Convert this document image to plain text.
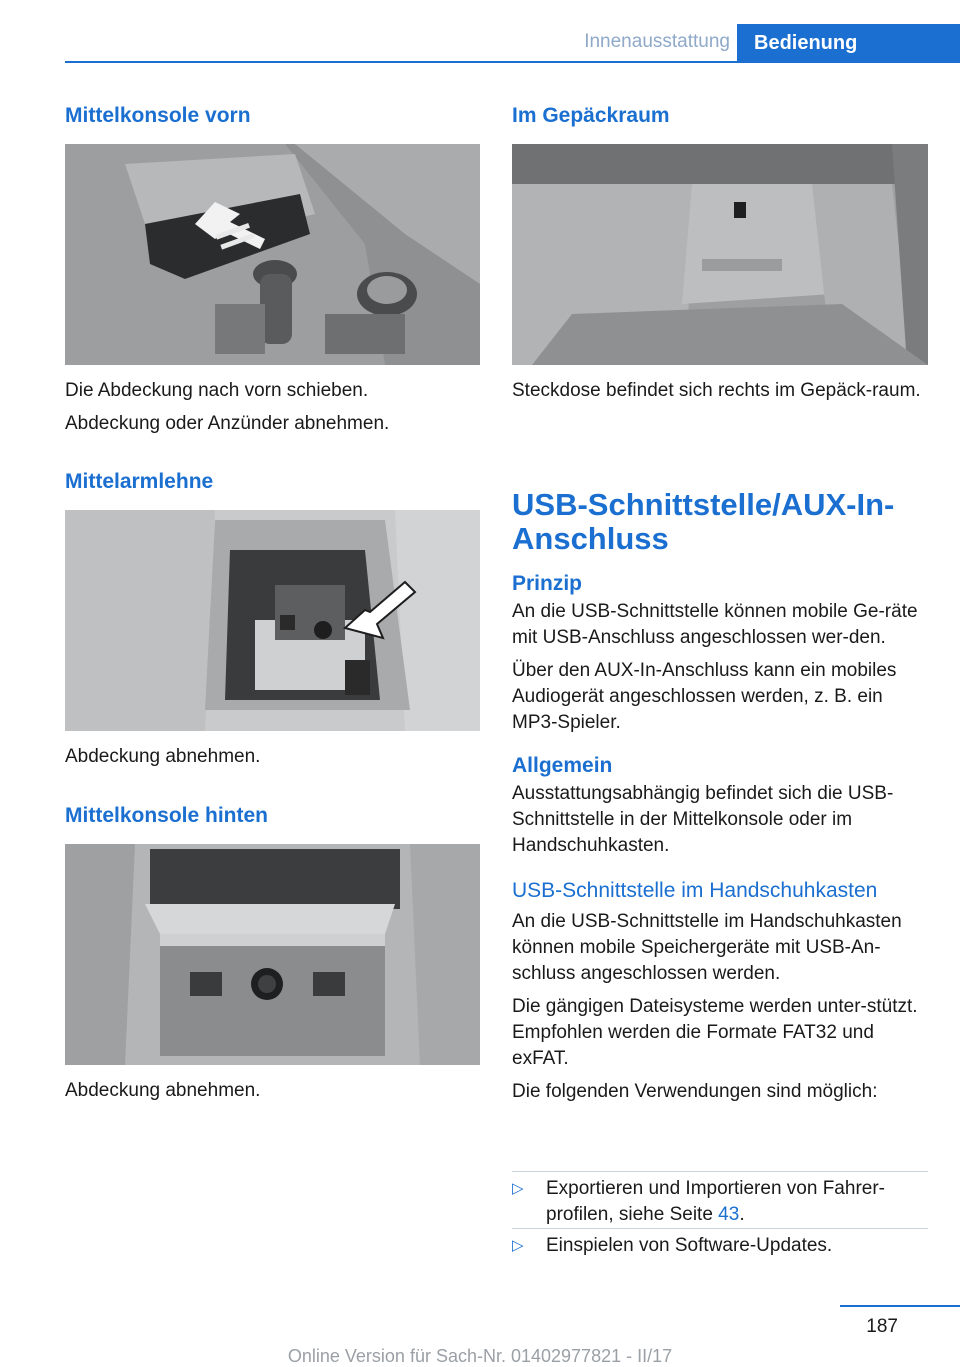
Innenausstattung	Bedienung
Mittelkonsole vorn

Die Abdeckung nach vorn schieben.

Abdeckung oder Anzünder abnehmen.

Mittelarmlehne

Abdeckung abnehmen.

Mittelkonsole hinten

Abdeckung abnehmen.

Im Gepäckraum

Steckdose befindet sich rechts im Gepäck-raum.

USB-Schnittstelle/AUX-In-Anschluss

Prinzip

An die USB-Schnittstelle können mobile Ge-räte mit USB-Anschluss angeschlossen wer-den.

Über den AUX-In-Anschluss kann ein mobiles Audiogerät angeschlossen werden, z. B. ein MP3-Spieler.

Allgemein

Ausstattungsabhängig befindet sich die USB-Schnittstelle in der Mittelkonsole oder im Handschuhkasten.

USB-Schnittstelle im Handschuhkasten

An die USB-Schnittstelle im Handschuhkasten können mobile Speichergeräte mit USB-An-schluss angeschlossen werden.

Die gängigen Dateisysteme werden unter-stützt. Empfohlen werden die Formate FAT32 und exFAT.

Die folgenden Verwendungen sind möglich:

▷ Exportieren und Importieren von Fahrer-profilen, siehe Seite 43.
▷ Einspielen von Software-Updates.
187
Online Version für Sach-Nr. 01402977821 - II/17
